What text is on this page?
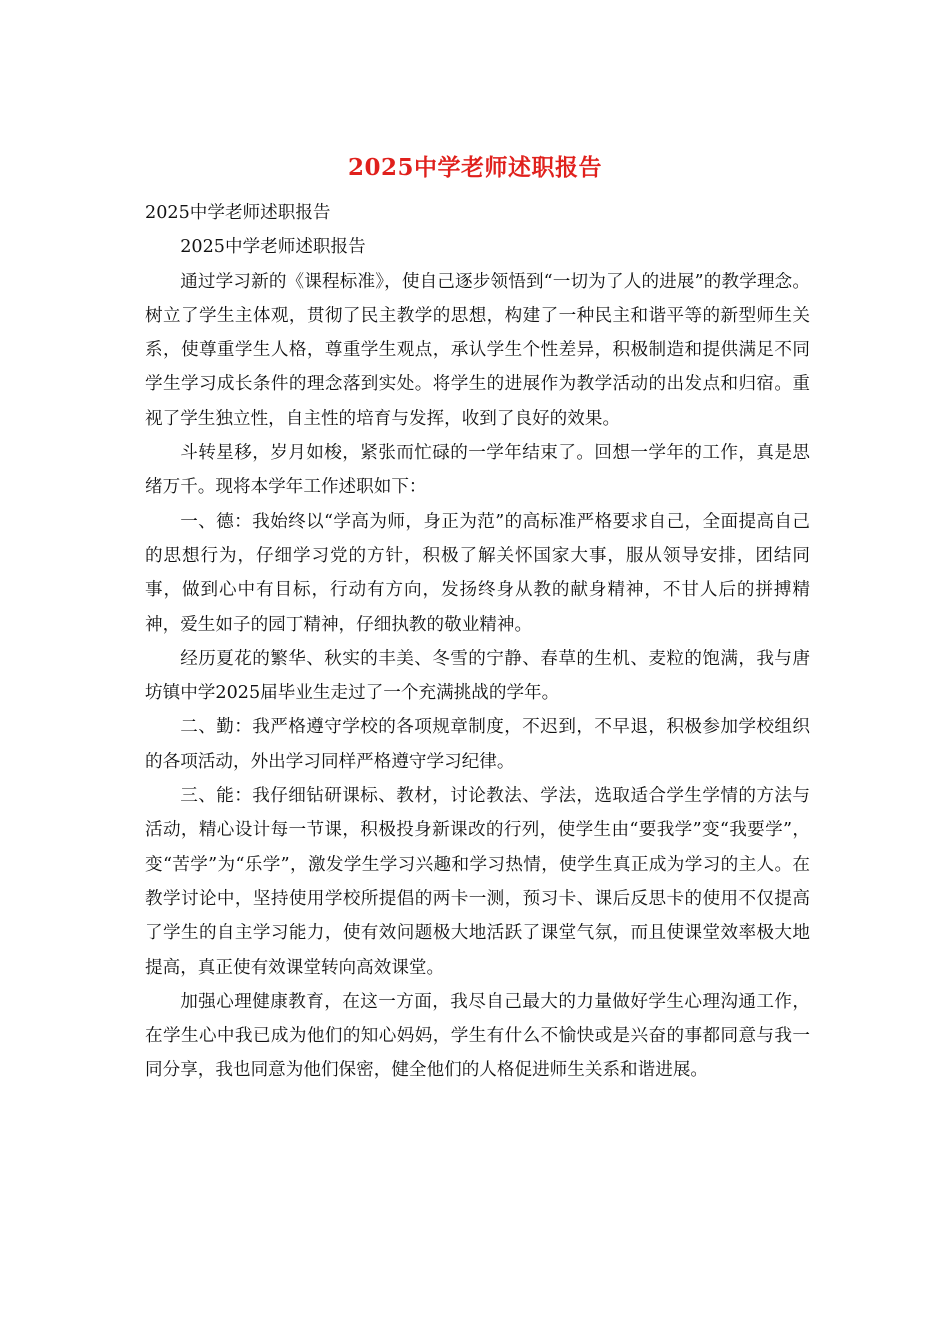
2025中学老师述职报告

2025中学老师述职报告

2025中学老师述职报告

通过学习新的《课程标准》，使自己逐步领悟到“一切为了人的进展”的教学理念。树立了学生主体观，贯彻了民主教学的思想，构建了一种民主和谐平等的新型师生关系，使尊重学生人格，尊重学生观点，承认学生个性差异，积极制造和提供满足不同学生学习成长条件的理念落到实处。将学生的进展作为教学活动的出发点和归宿。重视了学生独立性，自主性的培育与发挥，收到了良好的效果。

斗转星移，岁月如梭，紧张而忙碌的一学年结束了。回想一学年的工作，真是思绪万千。现将本学年工作述职如下：

一、德：我始终以“学高为师，身正为范”的高标准严格要求自己，全面提高自己的思想行为，仔细学习党的方针，积极了解关怀国家大事，服从领导安排，团结同事，做到心中有目标，行动有方向，发扬终身从教的献身精神，不甘人后的拼搏精神，爱生如子的园丁精神，仔细执教的敬业精神。

经历夏花的繁华、秋实的丰美、冬雪的宁静、春草的生机、麦粒的饱满，我与唐坊镇中学2025届毕业生走过了一个充满挑战的学年。

二、勤：我严格遵守学校的各项规章制度，不迟到，不早退，积极参加学校组织的各项活动，外出学习同样严格遵守学习纪律。

三、能：我仔细钻研课标、教材，讨论教法、学法，选取适合学生学情的方法与活动，精心设计每一节课，积极投身新课改的行列，使学生由“要我学”变“我要学”，变“苦学”为“乐学”，激发学生学习兴趣和学习热情，使学生真正成为学习的主人。在教学讨论中，坚持使用学校所提倡的两卡一测，预习卡、课后反思卡的使用不仅提高了学生的自主学习能力，使有效问题极大地活跃了课堂气氛，而且使课堂效率极大地提高，真正使有效课堂转向高效课堂。

加强心理健康教育，在这一方面，我尽自己最大的力量做好学生心理沟通工作，在学生心中我已成为他们的知心妈妈，学生有什么不愉快或是兴奋的事都同意与我一同分享，我也同意为他们保密，健全他们的人格促进师生关系和谐进展。
